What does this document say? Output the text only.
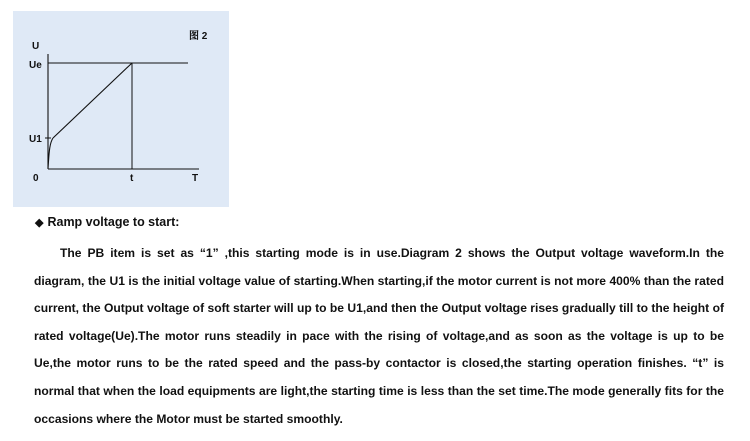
图 2
U
Ue
U1
0	t	T
◆ Ramp voltage to start:

The PB item is set as “1” ,this starting mode is in use.Diagram 2 shows the Output voltage waveform.In the diagram, the U1 is the initial voltage value of starting.When starting,if the motor current is not more 400% than the rated current, the Output voltage of soft starter will up to be U1,and then the Output voltage rises gradually till to the height of rated voltage(Ue).The motor runs steadily in pace with the rising of voltage,and as soon as the voltage is up to be Ue,the motor runs to be the rated speed and the pass-by contactor is closed,the starting operation finishes. “t” is normal that when the load equipments are light,the starting time is less than the set time.The mode generally fits for the occasions where the Motor must be started smoothly.
